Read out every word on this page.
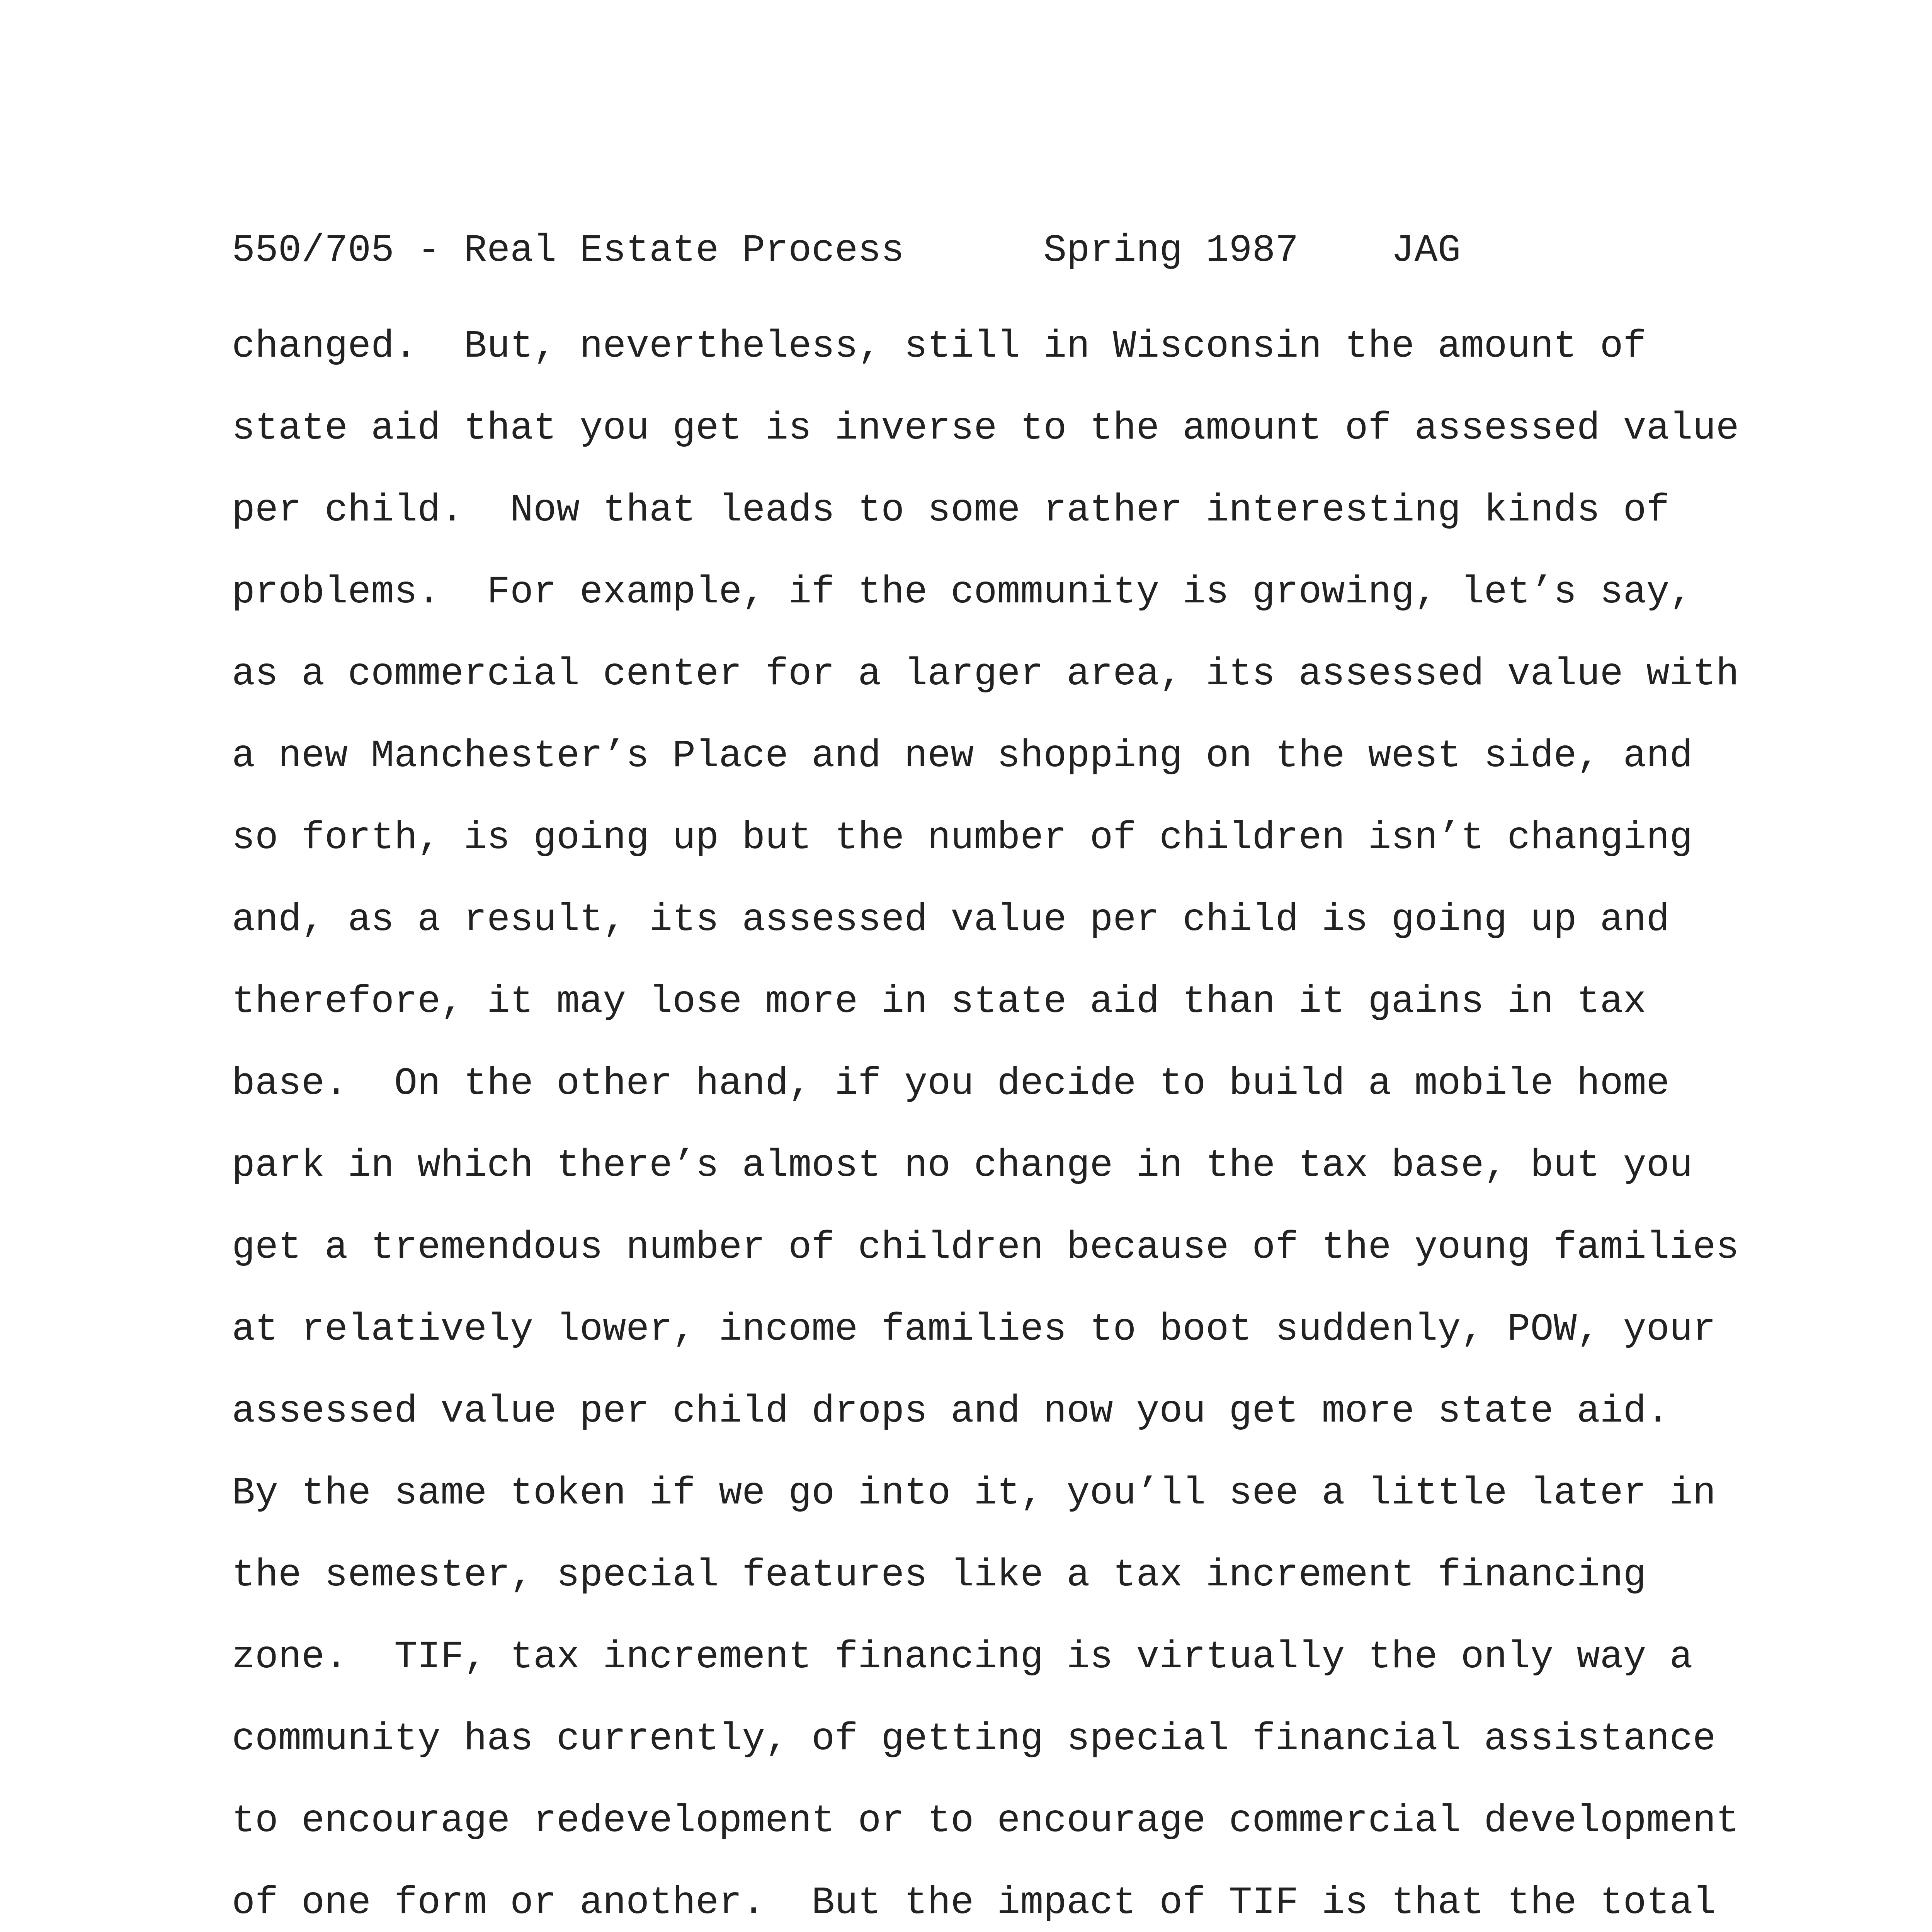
550/705 - Real Estate Process	Spring 1987 JAG
changed.  But, nevertheless, still in Wisconsin the amount of
state aid that you get is inverse to the amount of assessed value
per child.  Now that leads to some rather interesting kinds of
problems.  For example, if the community is growing, let’s say,
as a commercial center for a larger area, its assessed value with
a new Manchester’s Place and new shopping on the west side, and
so forth, is going up but the number of children isn’t changing
and, as a result, its assessed value per child is going up and
therefore, it may lose more in state aid than it gains in tax
base.  On the other hand, if you decide to build a mobile home
park in which there’s almost no change in the tax base, but you
get a tremendous number of children because of the young families
at relatively lower, income families to boot suddenly, POW, your
assessed value per child drops and now you get more state aid.
By the same token if we go into it, you’ll see a little later in
the semester, special features like a tax increment financing
zone.  TIF, tax increment financing is virtually the only way a
community has currently, of getting special financial assistance
to encourage redevelopment or to encourage commercial development
of one form or another.  But the impact of TIF is that the total
